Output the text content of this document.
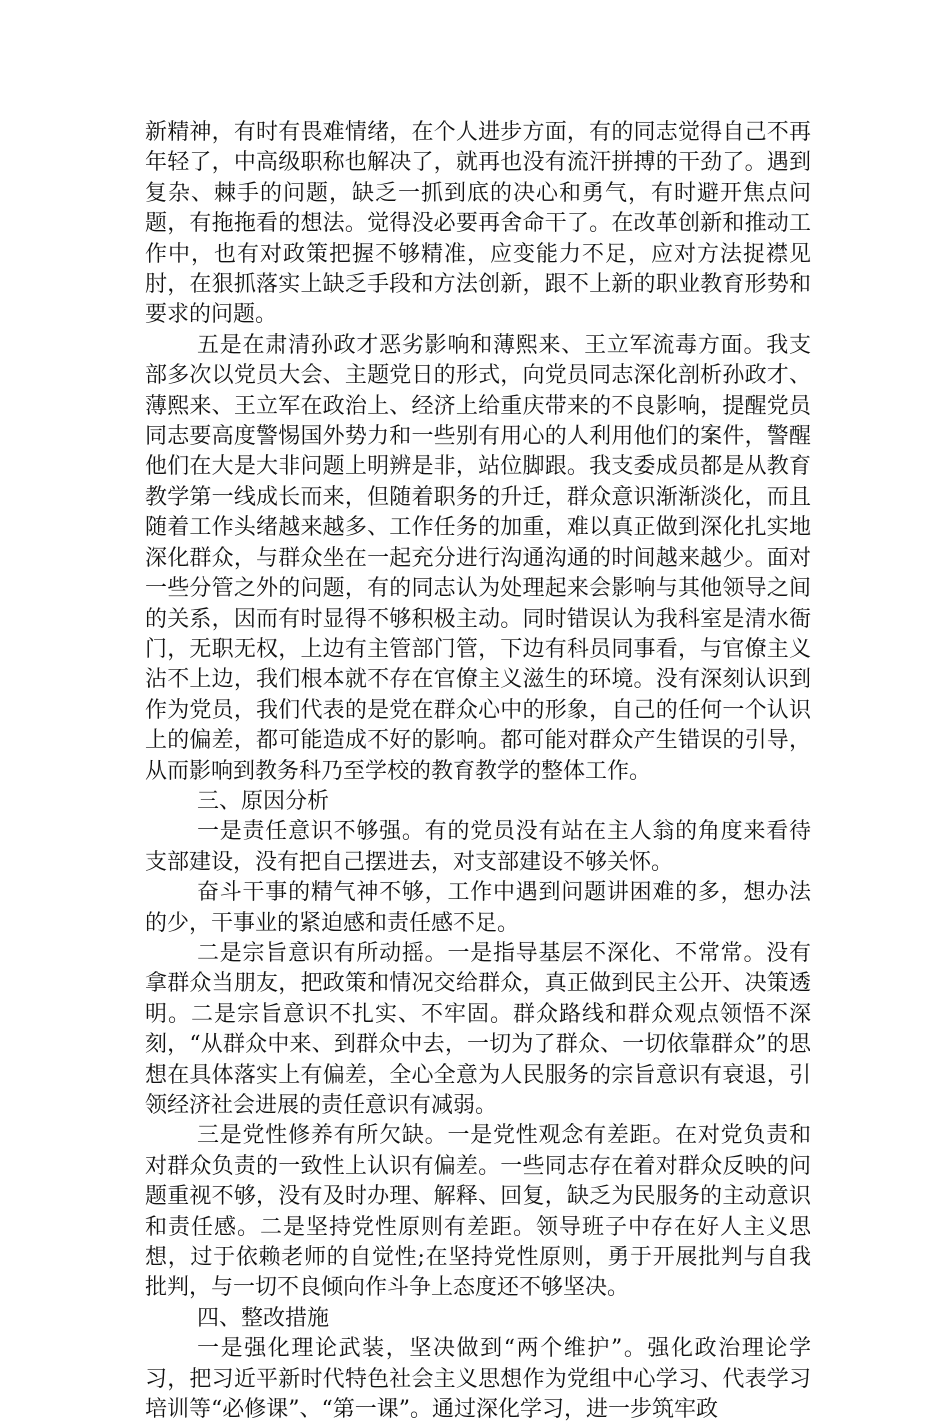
新精神，有时有畏难情绪，在个人进步方面，有的同志觉得自己不再年轻了，中高级职称也解决了，就再也没有流汗拼搏的干劲了。遇到复杂、棘手的问题，缺乏一抓到底的决心和勇气，有时避开焦点问题，有拖拖看的想法。觉得没必要再舍命干了。在改革创新和推动工作中，也有对政策把握不够精准，应变能力不足，应对方法捉襟见肘，在狠抓落实上缺乏手段和方法创新，跟不上新的职业教育形势和要求的问题。

五是在肃清孙政才恶劣影响和薄熙来、王立军流毒方面。我支部多次以党员大会、主题党日的形式，向党员同志深化剖析孙政才、薄熙来、王立军在政治上、经济上给重庆带来的不良影响，提醒党员同志要高度警惕国外势力和一些别有用心的人利用他们的案件，警醒他们在大是大非问题上明辨是非，站位脚跟。我支委成员都是从教育教学第一线成长而来，但随着职务的升迁，群众意识渐渐淡化，而且随着工作头绪越来越多、工作任务的加重，难以真正做到深化扎实地深化群众，与群众坐在一起充分进行沟通沟通的时间越来越少。面对一些分管之外的问题，有的同志认为处理起来会影响与其他领导之间的关系，因而有时显得不够积极主动。同时错误认为我科室是清水衙门，无职无权，上边有主管部门管，下边有科员同事看，与官僚主义沾不上边，我们根本就不存在官僚主义滋生的环境。没有深刻认识到作为党员，我们代表的是党在群众心中的形象，自己的任何一个认识上的偏差，都可能造成不好的影响。都可能对群众产生错误的引导，从而影响到教务科乃至学校的教育教学的整体工作。

三、原因分析

一是责任意识不够强。有的党员没有站在主人翁的角度来看待支部建设，没有把自己摆进去，对支部建设不够关怀。

奋斗干事的精气神不够，工作中遇到问题讲困难的多，想办法的少，干事业的紧迫感和责任感不足。

二是宗旨意识有所动摇。一是指导基层不深化、不常常。没有拿群众当朋友，把政策和情况交给群众，真正做到民主公开、决策透明。二是宗旨意识不扎实、不牢固。群众路线和群众观点领悟不深刻，“从群众中来、到群众中去，一切为了群众、一切依靠群众”的思想在具体落实上有偏差，全心全意为人民服务的宗旨意识有衰退，引领经济社会进展的责任意识有减弱。

三是党性修养有所欠缺。一是党性观念有差距。在对党负责和对群众负责的一致性上认识有偏差。一些同志存在着对群众反映的问题重视不够，没有及时办理、解释、回复，缺乏为民服务的主动意识和责任感。二是坚持党性原则有差距。领导班子中存在好人主义思想，过于依赖老师的自觉性;在坚持党性原则，勇于开展批判与自我批判，与一切不良倾向作斗争上态度还不够坚决。

四、整改措施

一是强化理论武装，坚决做到“两个维护”。强化政治理论学习，把习近平新时代特色社会主义思想作为党组中心学习、代表学习培训等“必修课”、“第一课”。通过深化学习，进一步筑牢政
